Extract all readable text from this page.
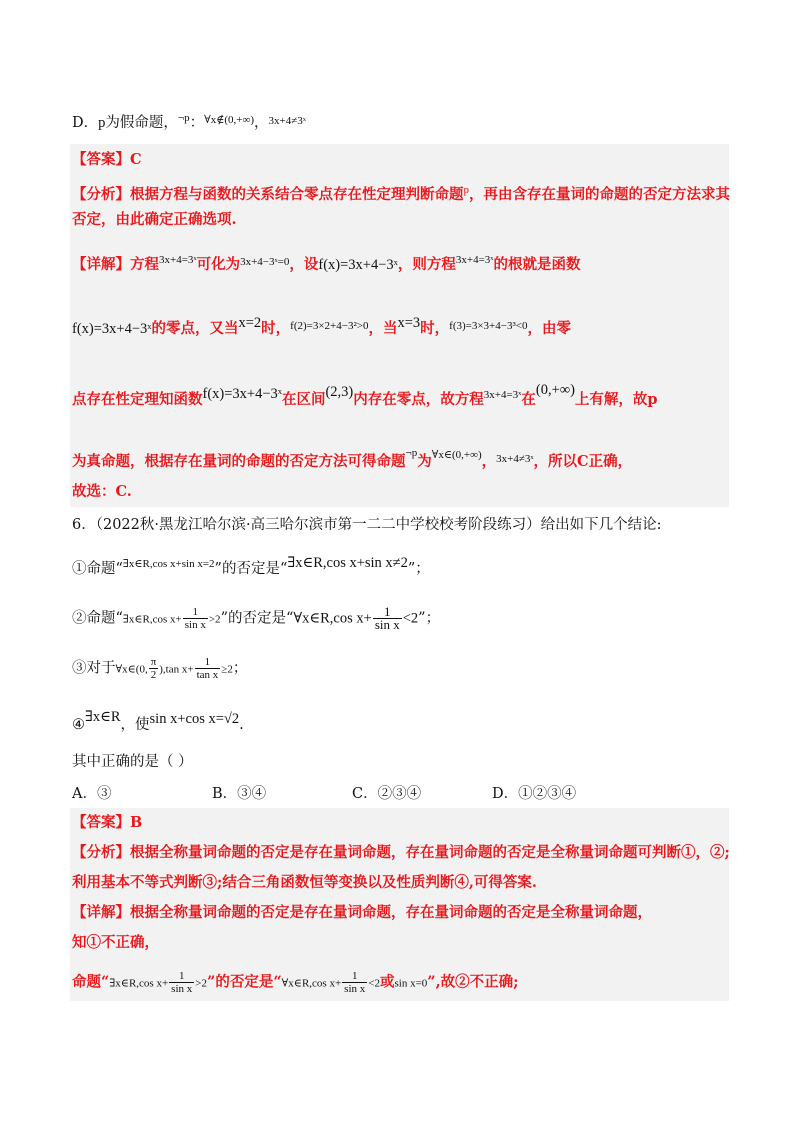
D．p为假命题，$^{\neg p}$：$^{\forall x\notin(0,+\infty)}$，$^{3x+4\ne 3ˣ}$
【答案】C
【分析】根据方程与函数的关系结合零点存在性定理判断命题$^p$，再由含存在量词的命题的否定方法求其
否定，由此确定正确选项.
【详解】方程$^{3x+4=3ˣ}$可化为$^{3x+4-3ˣ=0}$，设f(x)=3x+4−3ˣ，则方程$^{3x+4=3ˣ}$的根就是函数
f(x)=3x+4−3ˣ的零点，又当x=2时，$^{f(2)=3\times 2+4-3^2>0}$，当x=3时，$^{f(3)=3\times 3+4-3^3<0}$，由零
点存在性定理知函数f(x)=3x+4−3ˣ在区间(2,3)内存在零点，故方程$^{3x+4=3ˣ}$在(0,+∞)上有解，故p
为真命题，根据存在量词的命题的否定方法可得命题$^{\neg p}$为$^{\forall x\in(0,+\infty)}$，$^{3x+4\ne 3ˣ}$，所以C正确，
故选：C.
6．（2022秋·黑龙江哈尔滨·高三哈尔滨市第一二二中学校校考阶段练习）给出如下几个结论:
①命题“$^{\exists x\in R,cos x+sin x=2}$”的否定是“∃x∈R,cos x+sin x≠2”；
②命题“∃x∈R,cos $x+ \frac{1}{\text{sin x}} >2$”的否定是“∀x∈R,cos $x+ \frac{1}{\text{sin x}} <2$”；
③对于∀x∈(0, $\frac{\pi}{2} ),\tan$ $x+ \frac{1}{\text{tan x}} \ge 2$；
④∃x∈R，使sin x+cos x=√2.
其中正确的是（ ）
A．③	B．③④	C．②③④	D．①②③④
【答案】B
【分析】根据全称量词命题的否定是存在量词命题，存在量词命题的否定是全称量词命题可判断①，②;
利用基本不等式判断③;结合三角函数恒等变换以及性质判断④,可得答案.
【详解】根据全称量词命题的否定是存在量词命题，存在量词命题的否定是全称量词命题，
知①不正确，
命题“∃x∈R,cos $x+ \frac{1}{\text{sin x}} >2$”的否定是“∀x∈R,cos $x+ \frac{1}{\text{sin x}} <2$或sin x=0”,故②不正确;
